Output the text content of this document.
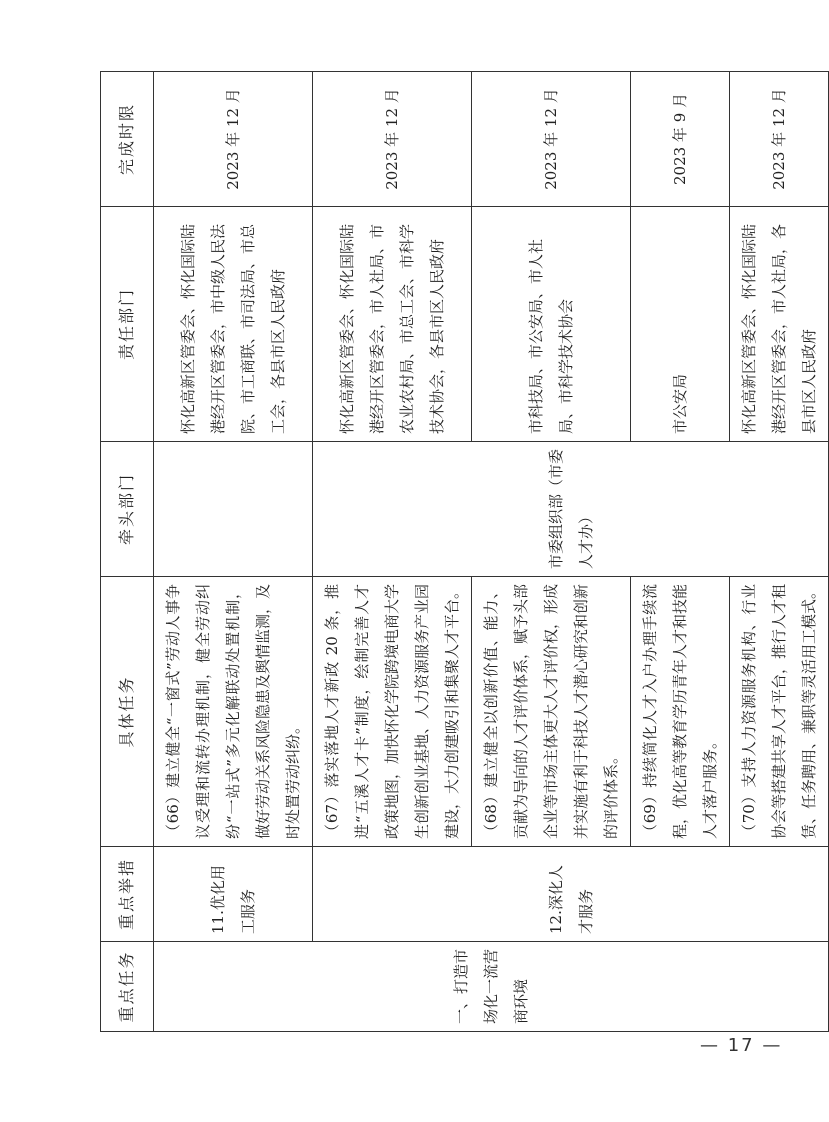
重点任务	重点举措	具体任务	牵头部门	责任部门	完成时限
一、打造市场化一流营商环境	11.优化用工服务	（66）建立健全“一窗式”劳动人事争议受理和流转办理机制，健全劳动纠纷“一站式”多元化解联动处置机制，做好劳动关系风险隐患及舆情监测，及时处置劳动纠纷。		怀化高新区管委会、怀化国际陆港经开区管委会，市中级人民法院、市工商联、市司法局、市总工会，各县市区人民政府	2023 年 12 月
	12.深化人才服务	（67）落实落地人才新政 20 条，推进“五溪人才卡”制度，绘制完善人才政策地图，加快怀化学院跨境电商大学生创新创业基地、人力资源服务产业园建设，大力创建吸引和集聚人才平台。	市委组织部（市委人才办）	怀化高新区管委会、怀化国际陆港经开区管委会，市人社局、市农业农村局、市总工会、市科学技术协会，各县市区人民政府	2023 年 12 月
		（68）建立健全以创新价值、能力、贡献为导向的人才评价体系，赋予头部企业等市场主体更大人才评价权，形成并实施有利于科技人才潜心研究和创新的评价体系。		市科技局、市公安局、市人社局、市科学技术协会	2023 年 12 月
		（69）持续简化人才入户办理手续流程，优化高等教育学历青年人才和技能人才落户服务。		市公安局	2023 年 9 月
		（70）支持人力资源服务机构、行业协会等搭建共享人才平台，推行人才租赁、任务聘用、兼职等灵活用工模式。		怀化高新区管委会、怀化国际陆港经开区管委会，市人社局，各县市区人民政府	2023 年 12 月
— 17 —
